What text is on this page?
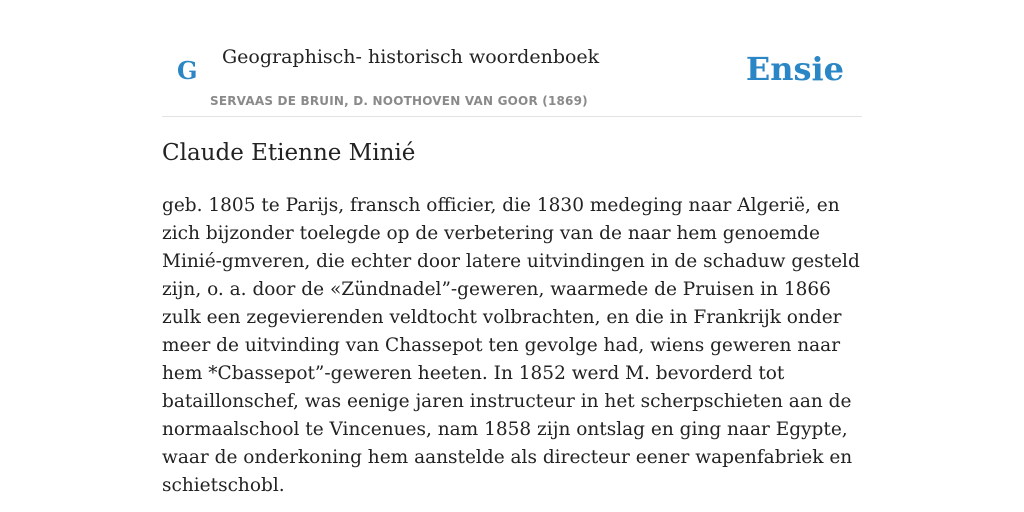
G Geographisch- historisch woordenboek
SERVAAS DE BRUIN, D. NOOTHOVEN VAN GOOR (1869)
Ensie
Claude Etienne Minié

geb. 1805 te Parijs, fransch officier, die 1830 medeging naar Algerië, en zich bijzonder toelegde op de verbetering van de naar hem genoemde Minié-gmveren, die echter door latere uitvindingen in de schaduw gesteld zijn, o. a. door de «Zündnadel”-geweren, waarmede de Pruisen in 1866 zulk een zegevierenden veldtocht volbrachten, en die in Frankrijk onder meer de uitvinding van Chassepot ten gevolge had, wiens geweren naar hem *Cbassepot”-geweren heeten. In 1852 werd M. bevorderd tot bataillonschef, was eenige jaren instructeur in het scherpschieten aan de normaalschool te Vincenues, nam 1858 zijn ontslag en ging naar Egypte, waar de onderkoning hem aanstelde als directeur eener wapenfabriek en schietschobl.
